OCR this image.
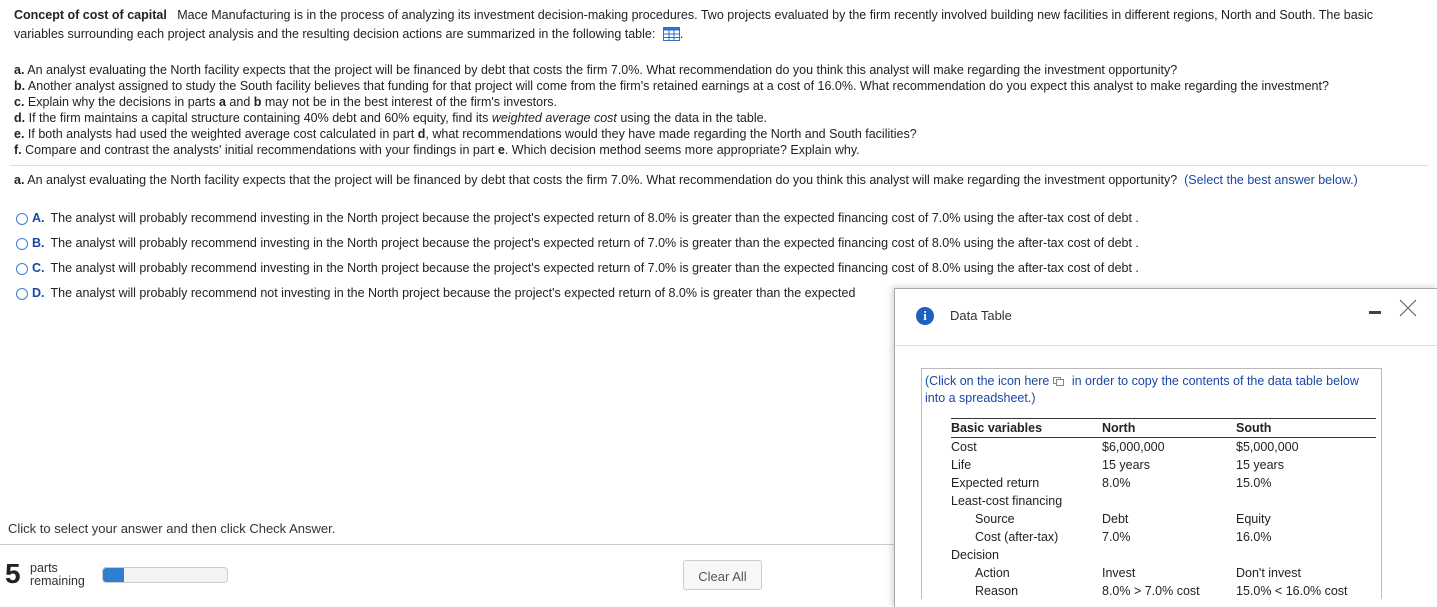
Concept of cost of capital Mace Manufacturing is in the process of analyzing its investment decision-making procedures. Two projects evaluated by the firm recently involved building new facilities in different regions, North and South. The basic variables surrounding each project analysis and the resulting decision actions are summarized in the following table: .
a. An analyst evaluating the North facility expects that the project will be financed by debt that costs the firm 7.0%. What recommendation do you think this analyst will make regarding the investment opportunity?
b. Another analyst assigned to study the South facility believes that funding for that project will come from the firm's retained earnings at a cost of 16.0%. What recommendation do you expect this analyst to make regarding the investment?
c. Explain why the decisions in parts a and b may not be in the best interest of the firm's investors.
d. If the firm maintains a capital structure containing 40% debt and 60% equity, find its weighted average cost using the data in the table.
e. If both analysts had used the weighted average cost calculated in part d, what recommendations would they have made regarding the North and South facilities?
f. Compare and contrast the analysts' initial recommendations with your findings in part e. Which decision method seems more appropriate? Explain why.
a. An analyst evaluating the North facility expects that the project will be financed by debt that costs the firm 7.0%. What recommendation do you think this analyst will make regarding the investment opportunity? (Select the best answer below.)
A. The analyst will probably recommend investing in the North project because the project's expected return of 8.0% is greater than the expected financing cost of 7.0% using the after-tax cost of debt .
B. The analyst will probably recommend investing in the North project because the project's expected return of 7.0% is greater than the expected financing cost of 8.0% using the after-tax cost of debt .
C. The analyst will probably recommend investing in the North project because the project's expected return of 7.0% is greater than the expected financing cost of 8.0% using the after-tax cost of debt .
D. The analyst will probably recommend not investing in the North project because the project's expected return of 8.0% is greater than the expected
Click to select your answer and then click Check Answer.
5 parts
remaining	Clear All
i	Data Table
(Click on the icon here in order to copy the contents of the data table below into a spreadsheet.)
Basic variables	North	South
Cost	$6,000,000	$5,000,000
Life	15 years	15 years
Expected return	8.0%	15.0%
Least-cost financing		
Source	Debt	Equity
Cost (after-tax)	7.0%	16.0%
Decision		
Action	Invest	Don't invest
Reason	8.0% > 7.0% cost	15.0% < 16.0% cost
